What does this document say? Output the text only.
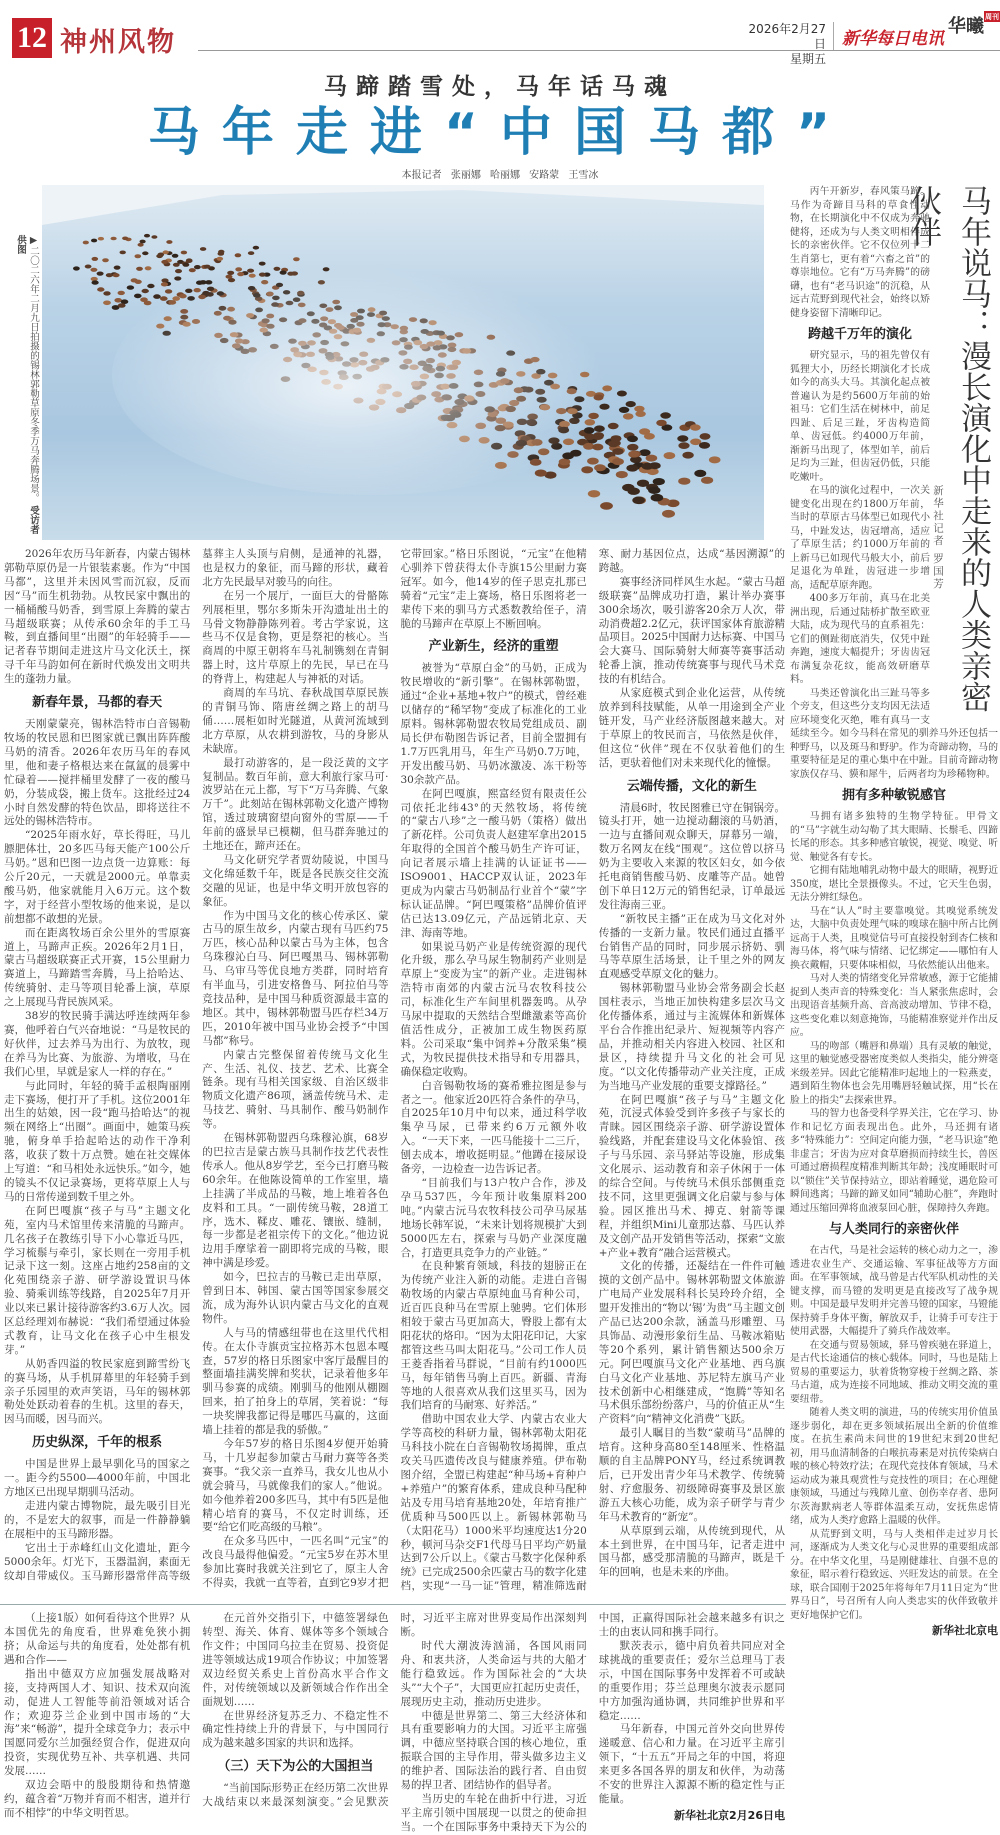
12 神州风物	2026年2月27日
星期五
新华每日电讯
华曦$^{周刊}$
马蹄踏雪处，马年话马魂
马年走进“中国马都”
本报记者 张丽娜 哈丽娜 安路蒙 王雪冰
▶二〇二六年二月九日拍摄的锡林郭勒草原冬季万马奔腾场景。 受访者供图

2026年农历马年新春，内蒙古锡林郭勒草原仍是一片银装素裹。作为“中国马都”，这里并未因风雪而沉寂，反而因“马”而生机勃勃。从牧民家中飘出的一桶桶酸马奶香，到雪原上奔腾的蒙古马超级联赛；从传承60余年的手工马鞍，到直播间里“出圈”的年轻骑手——记者春节期间走进这片马文化沃土，探寻千年马韵如何在新时代焕发出文明共生的蓬勃力量。

新春年景，马都的春天

天刚蒙蒙亮，锡林浩特市白音锡勒牧场的牧民恩和巴图家就已飘出阵阵酸马奶的清香。2026年农历马年的春风里，他和妻子格根达来在氤氲的晨雾中忙碌着——搅拌桶里发酵了一夜的酸马奶，分装成袋，搬上货车。这批经过24小时自然发酵的特色饮品，即将送往不远处的锡林浩特市。

“2025年雨水好，草长得旺，马儿膘肥体壮，20多匹马每天能产100公斤马奶。”恩和巴图一边点货一边算账：每公斤20元，一天就是2000元。单靠卖酸马奶，他家就能月入6万元。这个数字，对于经营小型牧场的他来说，是以前想都不敢想的光景。

而在距离牧场百余公里外的雪原赛道上，马蹄声正疾。2026年2月1日，蒙古马超级联赛正式开赛，15公里耐力赛道上，马蹄踏雪奔腾，马上拾哈达、传统骑射、走马等项目轮番上演，草原之上展现马背民族风采。

38岁的牧民骑手满达呼连续两年参赛，他呼着白气兴奋地说：“马是牧民的好伙伴，过去养马为出行、为放牧，现在养马为比赛、为旅游、为增收，马在我们心里，早就是家人一样的存在。”

与此同时，年轻的骑手孟根陶丽刚走下赛场，便打开了手机。这位2001年出生的姑娘，因一段“跑马拾哈达”的视频在网络上“出圈”。画面中，她策马疾驰，俯身单手拾起哈达的动作干净利落，收获了数十万点赞。她在社交媒体上写道：“和马相处永远快乐。”如今，她的镜头不仅记录赛场，更将草原上人与马的日常传递到数千里之外。

在阿巴嘎旗“孩子与马”主题文化苑，室内马术馆里传来清脆的马蹄声。几名孩子在教练引导下小心靠近马匹，学习梳鬃与牵引，家长则在一旁用手机记录下这一刻。这座占地约258亩的文化苑围绕亲子游、研学游设置识马体验、骑乘训练等线路，自2025年7月开业以来已累计接待游客约3.6万人次。园区总经理刘布赫说：“我们希望通过体验式教育，让马文化在孩子心中生根发芽。”

从奶香四溢的牧民家庭到蹄雪纷飞的赛马场，从手机屏幕里的年轻骑手到亲子乐园里的欢声笑语，马年的锡林郭勒处处跃动着春的生机。这里的春天，因马而暖，因马而兴。

历史纵深，千年的根系

中国是世界上最早驯化马的国家之一。距今约5500—4000年前，中国北方地区已出现早期驯马活动。

走进内蒙古博物院，最先吸引目光的，不是宏大的叙事，而是一件静静躺在展柜中的玉马蹄形器。

它出土于赤峰红山文化遗址，距今5000余年。灯光下，玉器温润，素面无纹却自带威仪。玉马蹄形器常伴高等级墓葬主人头顶与肩侧，是通神的礼器，也是权力的象征，而马蹄的形状，藏着北方先民最早对骏马的向往。

在另一个展厅，一面巨大的骨骼陈列展柜里，鄂尔多斯朱开沟遗址出土的马骨文物静静陈列着。考古学家说，这些马不仅是食物，更是祭祀的核心。当商周的中原王朝将车马礼制镌刻在青铜器上时，这片草原上的先民，早已在马的脊背上，构建起人与神祇的对话。

商周的车马坑、春秋战国草原民族的青铜马饰、隋唐丝绸之路上的胡马俑……展柜如时光隧道，从黄河流域到北方草原，从农耕到游牧，马的身影从未缺席。

最打动游客的，是一段泛黄的文字复制品。数百年前，意大利旅行家马可·波罗站在元上都，写下“万马奔腾、气象万千”。此刻站在锡林郭勒文化遗产博物馆，透过玻璃窗望向窗外的雪原——千年前的盛景早已模糊，但马群奔驰过的土地还在，蹄声还在。

马文化研究学者贾幼陵说，中国马文化绵延数千年，既是各民族交往交流交融的见证，也是中华文明开放包容的象征。

作为中国马文化的核心传承区、蒙古马的原生故乡，内蒙古现有马匹约75万匹，核心品种以蒙古马为主体，包含乌珠穆沁白马、阿巴嘎黑马、锡林郭勒马、乌审马等优良地方类群，同时培育有半血马，引进安格鲁马、阿拉伯马等竞技品种，是中国马种质资源最丰富的地区。其中，锡林郭勒盟马匹存栏34万匹，2010年被中国马业协会授予“中国马都”称号。

内蒙古完整保留着传统马文化生产、生活、礼仪、技艺、艺术、比赛全链条。现有马相关国家级、自治区级非物质文化遗产86项，涵盖传统马术、走马技艺、骑射、马具制作、酸马奶制作等。

在锡林郭勒盟西乌珠穆沁旗，68岁的巴拉吉是蒙古族马具制作技艺代表性传承人。他从8岁学艺，至今已打磨马鞍60余年。在他陈设简单的工作室里，墙上挂满了半成品的马鞍，地上堆着各色皮料和工具。“一副传统马鞍，28道工序，选木、鞣皮、雕花、镶嵌、缝制，每一步都是老祖宗传下的文化。”他边说边用手摩挲着一副即将完成的马鞍，眼神中满是珍爱。

如今，巴拉吉的马鞍已走出草原，曾到日本、韩国、蒙古国等国家参展交流，成为海外认识内蒙古马文化的直观物件。

人与马的情感纽带也在这里代代相传。在太仆寺旗贡宝拉格苏木包恩本嘎查，57岁的格日乐图家中客厅最醒目的整面墙挂满奖牌和奖状，记录着他多年驯马参赛的成绩。刚驯马的他刚从棚圈回来，拍了拍身上的草屑，笑着说：“每一块奖牌我都记得是哪匹马赢的，这面墙上挂着的都是我的骄傲。”

今年57岁的格日乐图4岁便开始骑马，十几岁起参加蒙古马耐力赛等各类赛事。“我父亲一直养马，我女儿也从小就会骑马，马就像我们的家人。”他说。如今他养着200多匹马，其中有5匹是他精心培育的赛马，不仅定时训练，还要“给它们吃高级的马粮”。

在众多马匹中，一匹名叫“元宝”的改良马最得他偏爱。“元宝5岁在苏木里参加比赛时我就关注到它了，原主人舍不得卖，我就一直等着，直到它9岁才把它带回家。”格日乐图说，“元宝”在他精心驯养下曾获得太仆寺旗15公里耐力赛冠军。如今，他14岁的侄子思克扎那已骑着“元宝”走上赛场，格日乐图将老一辈传下来的驯马方式悉数教给侄子，清脆的马蹄声在草原上不断回响。

产业新生，经济的重塑

被誉为“草原白金”的马奶，正成为牧民增收的“新引擎”。在锡林郭勒盟，通过“企业+基地+牧户”的模式，曾经难以储存的“稀罕物”变成了标准化的工业原料。锡林郭勒盟农牧局党组成员、副局长伊布勒图告诉记者，目前全盟拥有1.7万匹乳用马，年生产马奶0.7万吨，开发出酸马奶、马奶冰激凌、冻干粉等30余款产品。

在阿巴嘎旗，熙富经贸有限责任公司依托北纬43°的天然牧场，将传统的“蒙古八珍”之一酸马奶（策格）做出了新花样。公司负责人赵建军拿出2015年取得的全国首个酸马奶生产许可证，向记者展示墙上挂满的认证证书——ISO9001、HACCP双认证，2023年更成为内蒙古马奶制品行业首个“蒙”字标认证品牌。“阿巴嘎策格”品牌价值评估已达13.09亿元，产品远销北京、天津、海南等地。

如果说马奶产业是传统资源的现代化升级，那么孕马尿生物制药产业则是草原上“变废为宝”的新产业。走进锡林浩特市南郊的内蒙古沅马农牧科技公司，标准化生产车间里机器轰鸣。从孕马尿中提取的天然结合型雌激素等高价值活性成分，正被加工成生物医药原料。公司采取“集中饲养+分散采集”模式，为牧民提供技术指导和专用器具，确保稳定收购。

白音锡勒牧场的赛希雅拉图是参与者之一。他家近20匹符合条件的孕马，自2025年10月中旬以来，通过科学收集孕马尿，已带来约6万元额外收入。“一天下来，一匹马能接十二三斤，刨去成本，增收挺明显。”他蹲在接尿设备旁，一边检查一边告诉记者。

“目前我们与13户牧户合作，涉及孕马537匹，今年预计收集原料200吨。”内蒙古沅马农牧科技公司孕马尿基地场长韩军说，“未来计划将规模扩大到5000匹左右，探索与马奶产业深度融合，打造更具竞争力的产业链。”

在良种繁育领域，科技的翅膀正在为传统产业注入新的动能。走进白音锡勒牧场的内蒙古草原纯血马育种公司，近百匹良种马在雪原上驰骋。它们体形相较于蒙古马更加高大，臀股上都有太阳花状的烙印。“因为太阳花印记，大家都管这些马叫太阳花马。”公司工作人员王菱香指着马群说，“目前有约1000匹马，每年销售马驹上百匹。新疆、青海等地的人很喜欢从我们这里买马，因为我们培育的马耐寒、好养活。”

借助中国农业大学、内蒙古农业大学等高校的科研力量，锡林郭勒太阳花马科技小院在白音锡勒牧场揭牌，重点攻关马匹遗传改良与健康养殖。伊布勒图介绍，全盟已构建起“种马场+育种户+养殖户”的繁育体系，建成良种马配种站及专用马培育基地20处，年培育推广优质种马500匹以上。新锡林郭勒马（太阳花马）1000米平均速度达1分20秒，顿河马杂交F1代母马日平均产奶量达到7公斤以上。《蒙古马数字化保种系统》已完成2500余匹蒙古马的数字化建档，实现“一马一证”管理，精准筛选耐寒、耐力基因位点，达成“基因溯源”的跨越。

赛事经济同样风生水起。“蒙古马超级联赛”品牌成功打造，累计举办赛事300余场次，吸引游客20余万人次，带动消费超2.2亿元，获评国家体育旅游精品项目。2025中国耐力达标赛、中国马会大赛马、国际骑射大师赛等赛事活动轮番上演，推动传统赛事与现代马术竞技的有机结合。

从家庭模式到企业化运营，从传统放养到科技赋能，从单一用途到全产业链开发，马产业经济版图越来越大。对于草原上的牧民而言，马依然是伙伴，但这位“伙伴”现在不仅驮着他们的生活，更驮着他们对未来现代化的憧憬。

云端传播，文化的新生

清晨6时，牧民图雅已守在铜锅旁。镜头打开，她一边搅动翻滚的马奶酒，一边与直播间观众聊天，屏幕另一端，数万名网友在线“围观”。这位曾以挤马奶为主要收入来源的牧区妇女，如今依托电商销售酸马奶、皮雕等产品。她曾创下单日12万元的销售纪录，订单最远发往海南三亚。

“新牧民主播”正在成为马文化对外传播的一支新力量。牧民们通过直播平台销售产品的同时，同步展示挤奶、驯马等草原生活场景，让千里之外的网友直观感受草原文化的魅力。

锡林郭勒盟马业协会常务副会长赵国柱表示，当地正加快构建多层次马文化传播体系，通过与主流媒体和新媒体平台合作推出纪录片、短视频等内容产品，并推动相关内容进入校园、社区和景区，持续提升马文化的社会可见度。“以文化传播带动产业关注度，正成为当地马产业发展的重要支撑路径。”

在阿巴嘎旗“孩子与马”主题文化苑，沉浸式体验受到许多孩子与家长的青睐。园区围绕亲子游、研学游设置体验线路，并配套建设马文化体验馆、孩子与马乐园、亲马驿站等设施，形成集文化展示、运动教育和亲子休闲于一体的综合空间。与传统马术俱乐部侧重竞技不同，这里更强调文化启蒙与参与体验。园区推出马术、搏克、射箭等课程，并组织Mini儿童那达慕、马匹认养及文创产品开发销售等活动，探索“文旅+产业+教育”融合运营模式。

文化的传播，还凝结在一件件可触摸的文创产品中。锡林郭勒盟文体旅游广电局产业发展科科长吴玲玲介绍，全盟开发推出的“物以‘锡’为贵”马主题文创产品已达200余款，涵盖马形雕塑、马具饰品、动漫形象衍生品、马鞍冰箱贴等20个系列，累计销售额达500余万元。阿巴嘎旗马文化产业基地、西乌旗白马文化产业基地、苏尼特左旗马产业技术创新中心相继建成，“饱腾”等知名马术俱乐部纷纷落户，马的价值正从“生产资料”向“精神文化消费”飞跃。

最引人瞩目的当数“蒙萌马”品牌的培育。这种身高80至148厘米、性格温顺的自主品牌PONY马，经过系统调教后，已开发出青少年马术教学、传统骑射、疗愈服务、初级障碍赛事及景区旅游五大核心功能，成为亲子研学与青少年马术教育的“新宠”。

从草原到云端，从传统到现代，从本土到世界，在中国马年，记者走进中国马都，感受那清脆的马蹄声，既是千年的回响，也是未来的序曲。

（上接1版）如何看待这个世界？从本国优先的角度看，世界难免狭小拥挤；从命运与共的角度看，处处都有机遇和合作——

指出中德双方应加强发展战略对接，支持两国人才、知识、技术双向流动，促进人工智能等前沿领域对话合作；欢迎芬兰企业到中国市场的“大海”来“畅游”，提升全球竞争力；表示中国愿同爱尔兰加强经贸合作，促进双向投资，实现优势互补、共享机遇、共同发展……

双边会晤中的殷殷期待和热情邀约，蕴含着“万物并育而不相害，道并行而不相悖”的中华文明哲思。

在元首外交指引下，中德签署绿色转型、海关、体育、媒体等多个领域合作文件；中国同乌拉圭在贸易、投资促进等领域达成19项合作协议；中加签署双边经贸关系史上首份高水平合作文件，对传统领域以及新领域合作作出全面规划……

在世界经济复苏乏力、不稳定性不确定性持续上升的背景下，与中国同行成为越来越多国家的共识和选择。

（三）天下为公的大国担当

“当前国际形势正在经历第二次世界大战结束以来最深刻演变。”会见默茨时，习近平主席对世界变局作出深刻判断。

时代大潮波涛汹涌，各国风雨同舟、和衷共济，人类命运与共的大船才能行稳致远。作为国际社会的“大块头”“大个子”，大国更应扛起历史责任，展现历史主动，推动历史进步。

中德是世界第二、第三大经济体和具有重要影响力的大国。习近平主席强调，中德应坚持联合国的核心地位，重振联合国的主导作用，带头做多边主义的维护者、国际法治的践行者、自由贸易的捍卫者、团结协作的倡导者。

当历史的车轮在曲折中行进，习近平主席引领中国展现一以贯之的使命担当。一个在国际事务中秉持天下为公的中国，正赢得国际社会越来越多有识之士的由衷认同和携手同行。

默茨表示，德中肩负着共同应对全球挑战的重要责任；爱尔兰总理马丁表示，中国在国际事务中发挥着不可或缺的重要作用；芬兰总理奥尔波表示愿同中方加强沟通协调，共同维护世界和平稳定……

马年新春，中国元首外交向世界传递暖意、信心和力量。在习近平主席引领下，“十五五”开局之年的中国，将迎来更多各国各界的朋友和伙伴，为动荡不安的世界注入源源不断的稳定性与正能量。

新华社北京2月26日电

马年说马：漫长演化中走来的人类亲密伙伴
新华社记者 罗国芳

丙午开新岁，春风策马蹄。马作为奇蹄目马科的草食性动物，在长期演化中不仅成为奔驰健将，还成为与人类文明相伴成长的亲密伙伴。它不仅位列十二生肖第七，更有着“六畜之首”的尊崇地位。它有“万马奔腾”的磅礴，也有“老马识途”的沉稳，从远古荒野到现代社会，始终以矫健身姿留下清晰印记。

跨越千万年的演化

研究显示，马的祖先曾仅有狐狸大小，历经长期演化才长成如今的高头大马。其演化起点被普遍认为是约5600万年前的始祖马：它们生活在树林中，前足四趾、后足三趾，牙齿构造简单、齿冠低。约4000万年前，渐新马出现了，体型如羊，前后足均为三趾，但齿冠仍低，只能吃嫩叶。

在马的演化过程中，一次关键变化出现在约1800万年前，当时的草原古马体型已如现代小马，中趾发达，齿冠增高，适应了草原生活；约1000万年前的上新马已如现代马般大小，前后足退化为单趾，齿冠进一步增高，适配草原奔跑。

400多万年前，真马在北美洲出现，后通过陆桥扩散至欧亚大陆，成为现代马的直系祖先：它们的侧趾彻底消失，仅凭中趾奔跑，速度大幅提升；牙齿齿冠布满复杂花纹，能高效研磨草料。

马类还曾演化出三趾马等多个旁支，但这些分支均因无法适应环境变化灭绝，唯有真马一支延续至今。如今马科在常见的驯养马外还包括一种野马，以及斑马和野驴。作为奇蹄动物，马的重要特征是足的重心集中在中趾。目前奇蹄动物家族仅存马、貘和犀牛，后两者均为珍稀物种。

拥有多种敏锐感官

马拥有诸多独特的生物学特征。甲骨文的“马”字就生动勾勒了其大眼睛、长鬃毛、四蹄长尾的形态。其多种感官敏锐，视觉、嗅觉、听觉、触觉各有专长。

它拥有陆地哺乳动物中最大的眼睛，视野近350度，堪比全景摄像头。不过，它天生色弱，无法分辨红绿色。

马在“认人”时主要靠嗅觉。其嗅觉系统发达，大脑中负责处理气味的嗅球在脑中所占比例远高于人类，且嗅觉信号可直接投射到杏仁核和海马体，将气味与情绪、记忆绑定——哪怕有人换衣戴帽，只要体味相似，马依然能认出他来。

马对人类的情绪变化异常敏感，源于它能捕捉到人类声音的特殊变化：当人紧张焦虑时，会出现语音基频升高、音高波动增加、节律不稳，这些变化难以刻意掩饰，马能精准察觉并作出反应。

马的吻部（嘴唇和鼻端）具有灵敏的触觉，这里的触觉感受器密度类似人类指尖，能分辨毫米级差异。因此它能精准叼起地上的一粒燕麦，遇到陌生物体也会先用嘴唇轻触试探，用“长在脸上的指尖”去探索世界。

马的智力也备受科学界关注，它在学习、协作和记忆方面表现出色。此外，马还拥有诸多“特殊能力”：空间定向能力强，“老马识途”绝非虚言；牙齿为应对食草磨损而持续生长，兽医可通过磨损程度精准判断其年龄；浅度睡眠时可以“锁住”关节保持站立，即站着睡觉，遇危险可瞬间逃离；马蹄的蹄叉如同“辅助心脏”，奔跑时通过压缩回弹将血液泵回心脏，保障持久奔跑。

与人类同行的亲密伙伴

在古代，马是社会运转的核心动力之一，渗透进农业生产、交通运输、军事征战等方方面面。在军事领域，战马曾是古代军队机动性的关键支撑，而马镫的发明更是直接改写了战争规则。中国是最早发明并完善马镫的国家，马镫能保持骑手身体平衡，解放双手，让骑手可专注于使用武器，大幅提升了骑兵作战效率。

在交通与贸易领域，驿马曾疾驰在驿道上，是古代长途通信的核心载体。同时，马也是陆上贸易的重要运力，驮着货物穿梭于丝绸之路、茶马古道，成为连接不同地域、推动文明交流的重要纽带。

随着人类文明的演进，马的传统实用价值虽逐步弱化，却在更多领域拓展出全新的价值维度。在抗生素尚未问世的19世纪末到20世纪初，用马血清制备的白喉抗毒素是对抗传染病白喉的核心特效疗法；在现代竞技体育领域，马术运动成为兼具观赏性与竞技性的项目；在心理健康领域，马通过与残障儿童、创伤幸存者、患阿尔茨海默病老人等群体温柔互动，安抚焦虑情绪，成为人类疗愈路上温暖的伙伴。

从荒野到文明，马与人类相伴走过岁月长河，逐渐成为人类文化与心灵世界的重要组成部分。在中华文化里，马是刚健雄壮、自强不息的象征，昭示着行稳致远、兴旺发达的前景。在全球，联合国刚于2025年将每年7月11日定为“世界马日”，号召所有人向人类忠实的伙伴致敬并更好地保护它们。

新华社北京电
